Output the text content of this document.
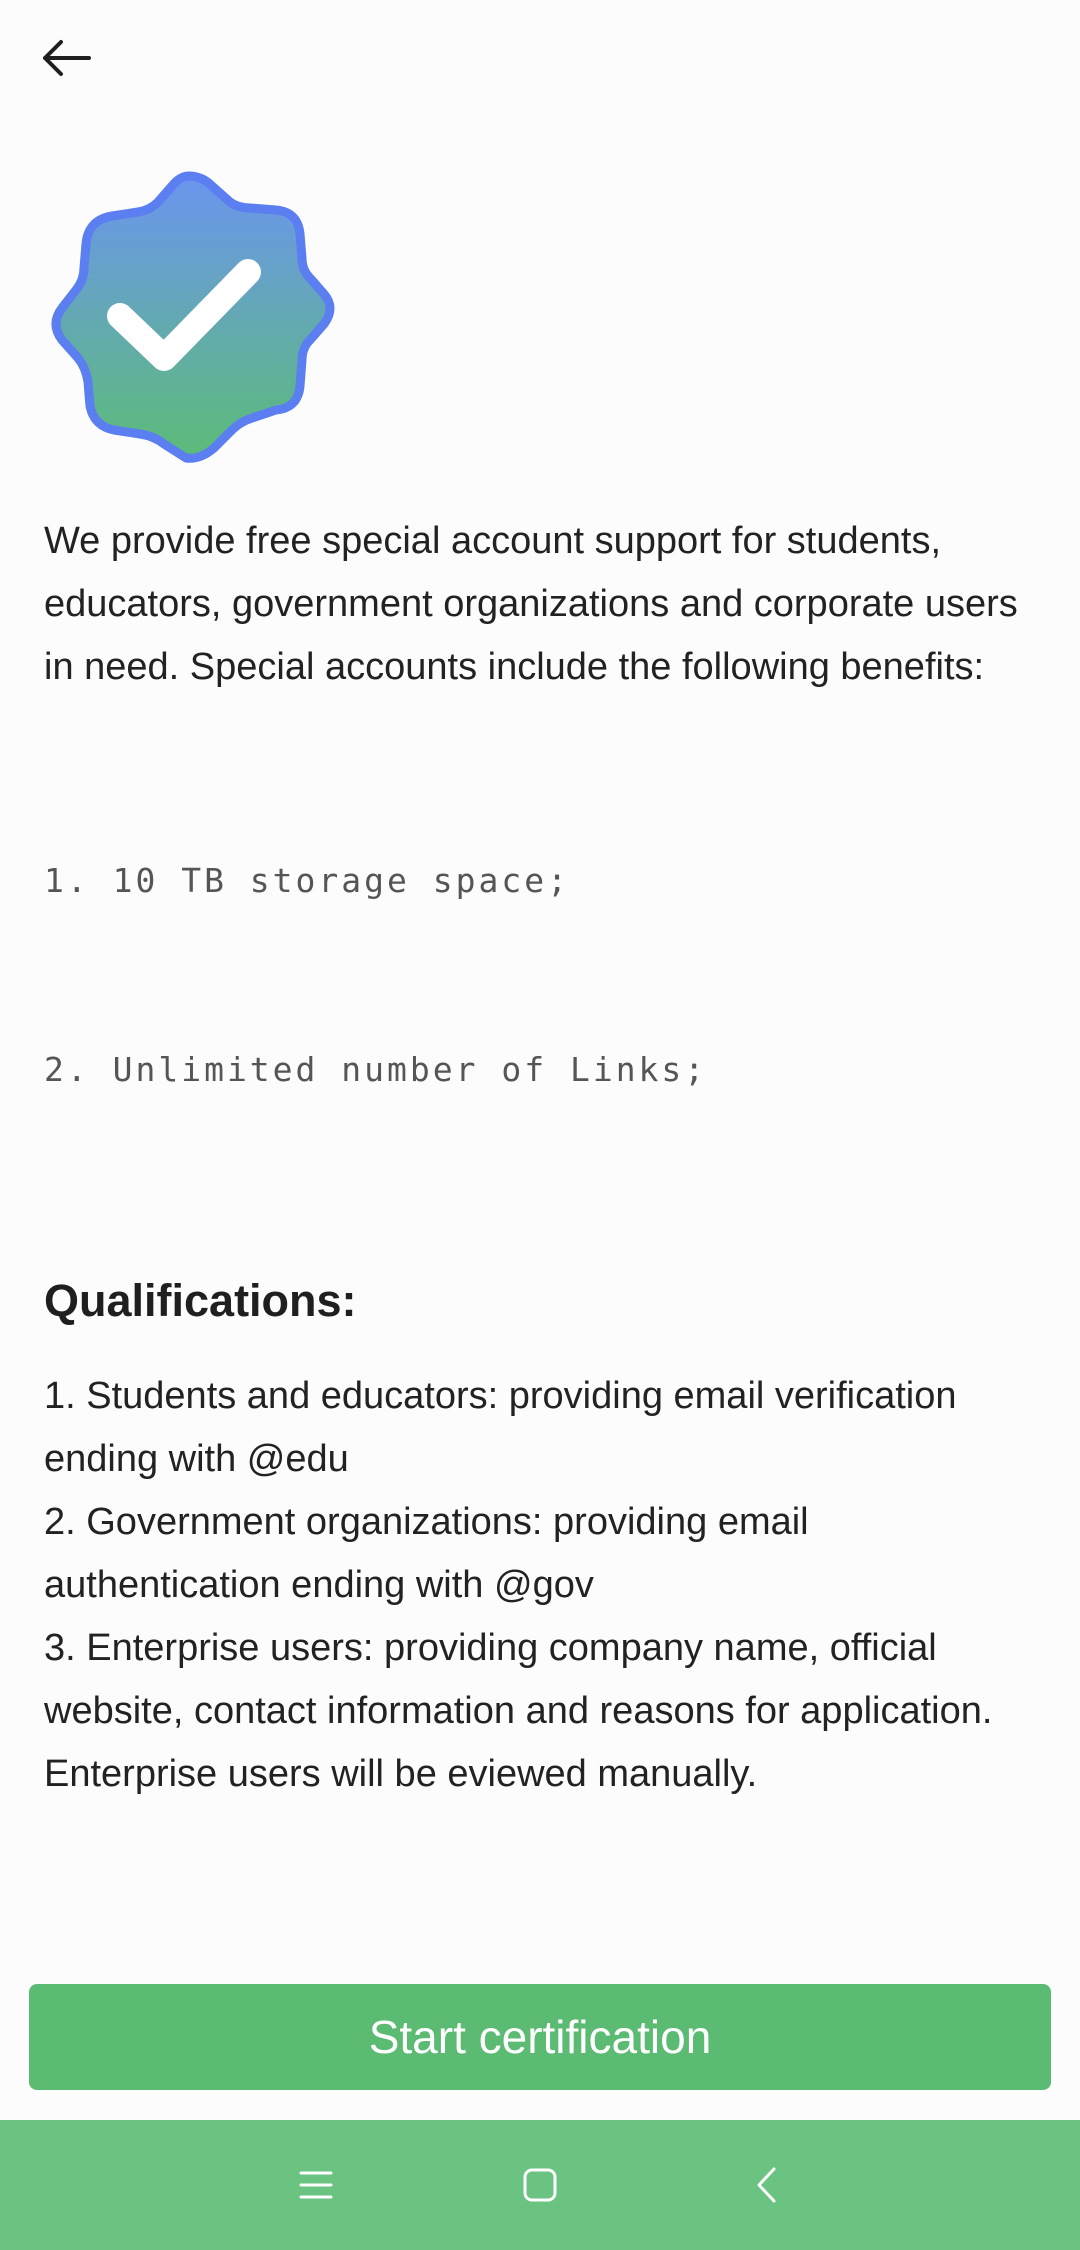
We provide free special account support for students, educators, government organizations and corporate users in need. Special accounts include the following benefits:

1. 10 TB storage space;

2. Unlimited number of Links;

Qualifications:
1. Students and educators: providing email verification ending with @edu
2. Government organizations: providing email authentication ending with @gov
3. Enterprise users: providing company name, official website, contact information and reasons for application. Enterprise users will be eviewed manually.
Start certification
